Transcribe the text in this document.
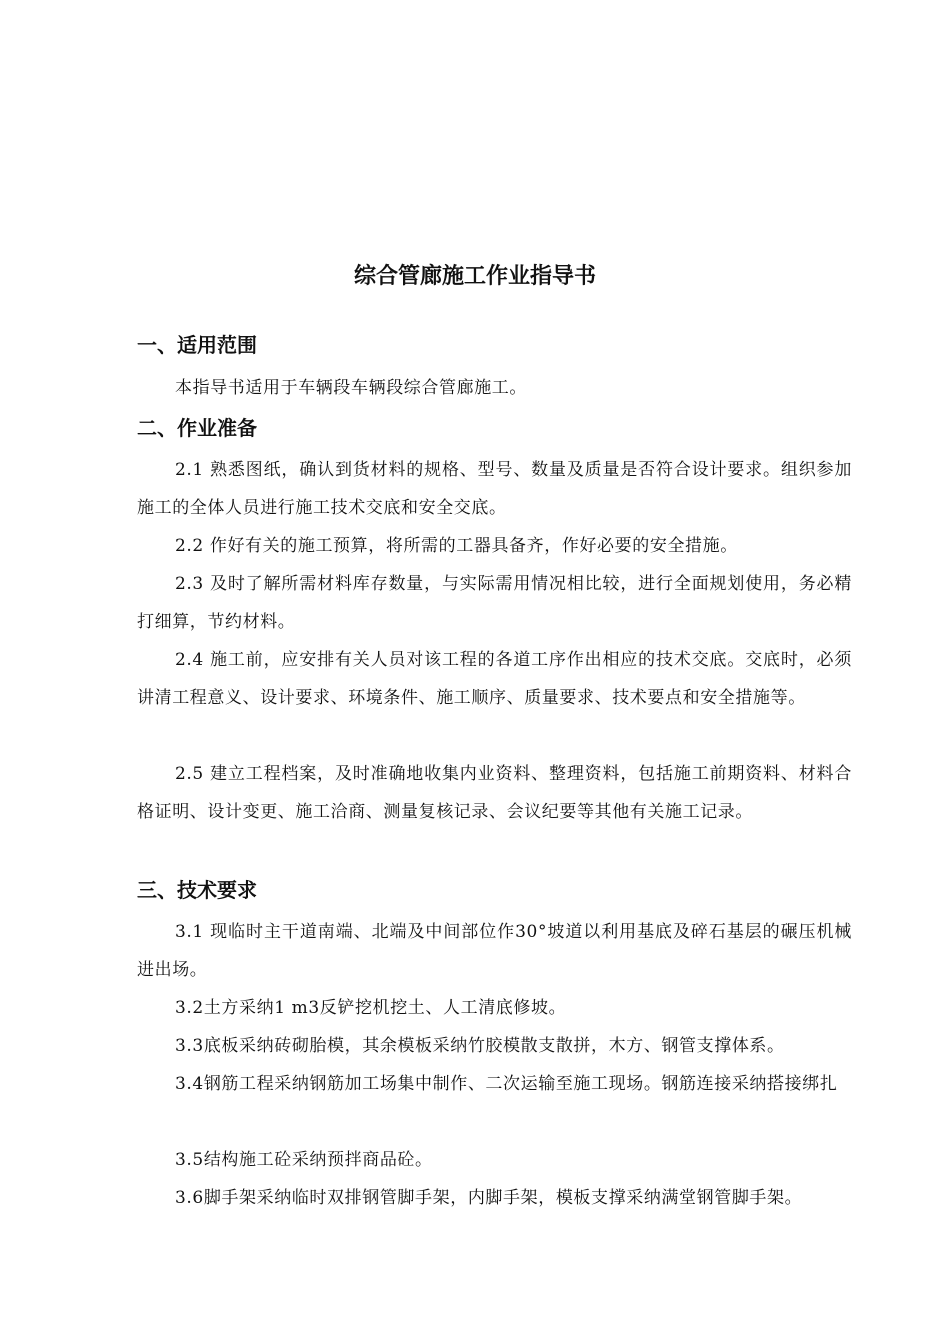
综合管廊施工作业指导书
一、适用范围
本指导书适用于车辆段车辆段综合管廊施工。
二、作业准备
2.1 熟悉图纸，确认到货材料的规格、型号、数量及质量是否符合设计要求。组织参加施工的全体人员进行施工技术交底和安全交底。
2.2 作好有关的施工预算，将所需的工器具备齐，作好必要的安全措施。
2.3 及时了解所需材料库存数量，与实际需用情况相比较，进行全面规划使用，务必精打细算，节约材料。
2.4 施工前，应安排有关人员对该工程的各道工序作出相应的技术交底。交底时，必须讲清工程意义、设计要求、环境条件、施工顺序、质量要求、技术要点和安全措施等。
2.5 建立工程档案，及时准确地收集内业资料、整理资料，包括施工前期资料、材料合格证明、设计变更、施工洽商、测量复核记录、会议纪要等其他有关施工记录。
三、技术要求
3.1 现临时主干道南端、北端及中间部位作30°坡道以利用基底及碎石基层的碾压机械进出场。
3.2土方采纳1 m3反铲挖机挖土、人工清底修坡。
3.3底板采纳砖砌胎模，其余模板采纳竹胶模散支散拼，木方、钢管支撑体系。
3.4钢筋工程采纳钢筋加工场集中制作、二次运输至施工现场。钢筋连接采纳搭接绑扎
3.5结构施工砼采纳预拌商品砼。
3.6脚手架采纳临时双排钢管脚手架，内脚手架，模板支撑采纳满堂钢管脚手架。
